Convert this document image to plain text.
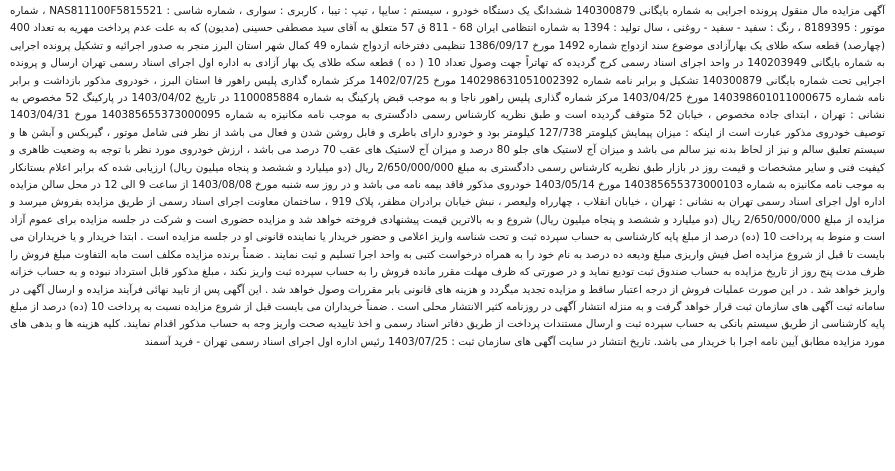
آگهی مزایده مال منقول پرونده اجرایی به شماره بایگانی 140300879 ششدانگ یک دستگاه خودرو ، سیستم : سایپا ، تیپ : تیبا ، کاربری : سواری ، شماره شاسی : NAS811100F5815521 ، شماره موتور : 8189395 ، رنگ : سفید - سفید - روغنی ، سال تولید : 1394 به شماره انتظامی ایران 68 - 811 ق 57 متعلق به آقای سید مصطفی حسینی (مدیون) که به علت عدم پرداخت مهریه به تعداد 400 (چهارصد) قطعه سکه طلای یک بهارآزادی موضوع سند ازدواج شماره 1492 مورخ 1386/09/17 تنظیمی دفترخانه ازدواج شماره 49 کمال شهر استان البرز منجر به صدور اجرائیه و تشکیل پرونده اجرایی به شماره بایگانی 140203949 در واحد اجرای اسناد رسمی کرج گردیده که تهاتراً جهت وصول تعداد 10 ( ده ) قطعه سکه طلای یک بهار آزادی به اداره اول اجرای اسناد رسمی تهران ارسال و پرونده اجرایی تحت شماره بایگانی 140300879 تشکیل و برابر نامه شماره 140298631051002392 مورخ 1402/07/25 مرکز شماره گذاری پلیس راهور فا استان البرز ، خودروی مذکور بازداشت و برابر نامه شماره 140398601011000675 مورخ 1403/04/25 مرکز شماره گذاری پلیس راهور ناجا و به موجب قبض پارکینگ به شماره 1100085884 در تاریخ 1403/04/02 در پارکینگ 52 مخصوص به نشانی : تهران ، ابتدای جاده مخصوص ، خیابان 52 متوقف گردیده است و طبق نظریه کارشناس رسمی دادگستری به موجب نامه مکانیزه به شماره 140385655373000095 مورخ 1403/04/31 توصیف خودروی مذکور عبارت است از اینکه : میزان پیمایش کیلومتر 127/738 کیلومتر بود و خودرو دارای باطری و فابل روشن شدن و فعال می باشد از نظر فنی شامل موتور ، گیربکس و آبشن ها و سیستم تعلیق سالم و نیز از لحاظ بدنه نیز سالم می باشد و میزان آج لاستیک های جلو 80 درصد و میزان آج لاستیک های عقب 70 درصد می باشد ، ارزش خودروی مورد نظر با توجه به وضعیت ظاهری و کیفیت فنی و سایر مشخصات و قیمت روز در بازار طبق نظریه کارشناس رسمی دادگستری به مبلغ 2/650/000/000 ریال (دو میلیارد و ششصد و پنجاه میلیون ریال) ارزیابی شده که برابر اعلام بستانکار به موجب نامه مکانیزه به شماره 140385655373000103 مورخ 1403/05/14 خودروی مذکور فاقد بیمه نامه می باشد و در روز سه شنبه مورخ 1403/08/08 از ساعت 9 الی 12 در محل سالن مزایده اداره اول اجرای اسناد رسمی تهران به نشانی : تهران ، خیابان انقلاب ، چهارراه ولیعصر ، نبش خیابان برادران مظفر، پلاک 919 ، ساختمان معاونت اجرای اسناد رسمی از طریق مزایده بفروش میرسد و مزایده از مبلغ 2/650/000/000 ریال (دو میلیارد و ششصد و پنجاه میلیون ریال) شروع و به بالاترین قیمت پیشنهادی فروخته خواهد شد و مزایده حضوری است و شرکت در جلسه مزایده برای عموم آزاد است و منوط به پرداخت 10 (ده) درصد از مبلغ پایه کارشناسی به حساب سپرده ثبت و تحت شناسه واریز اعلامی و حضور خریدار یا نماینده قانونی او در جلسه مزایده است . ابتدا خریدار و یا خریداران می بایست تا قبل از شروع مزایده اصل فیش واریزی مبلغ ودیعه ده درصد به نام خود را به همراه درخواست کتبی به واحد اجرا تسلیم و ثبت نمایند . ضمناً برنده مزایده مکلف است مابه التفاوت مبلغ فروش را ظرف مدت پنج روز از تاریخ مزایده به حساب صندوق ثبت تودیع نماید و در صورتی که ظرف مهلت مقرر مانده فروش را به حساب سپرده ثبت واریز نکند ، مبلغ مذکور قابل استرداد نبوده و به حساب خزانه واریز خواهد شد . در این صورت عملیات فروش از درجه اعتبار ساقط و مزایده تجدید میگردد و هزینه های قانونی بابر مقررات وصول خواهد شد . این آگهی پس از تایید نهائی فرآیند مزایده و ارسال آگهی در سامانه ثبت آگهی های سازمان ثبت قرار خواهد گرفت و به منزله انتشار آگهی در روزنامه کثیر الانتشار محلی است . ضمناً خریداران می بایست قبل از شروع مزایده نسبت به پرداخت 10 (ده) درصد از مبلغ پایه کارشناسی از طریق سیستم بانکی به حساب سپرده ثبت و ارسال مستندات پرداخت از طریق دفاتر اسناد رسمی و اخذ تاییدیه صحت واریز وجه به حساب مذکور اقدام نمایند. کلیه هزینه ها و بدهی های مورد مزایده مطابق آیین نامه اجرا با خریدار می باشد. تاریخ انتشار در سایت آگهی های سازمان ثبت : 1403/07/25 رئیس اداره اول اجرای اسناد رسمی تهران - فرید آسمند
